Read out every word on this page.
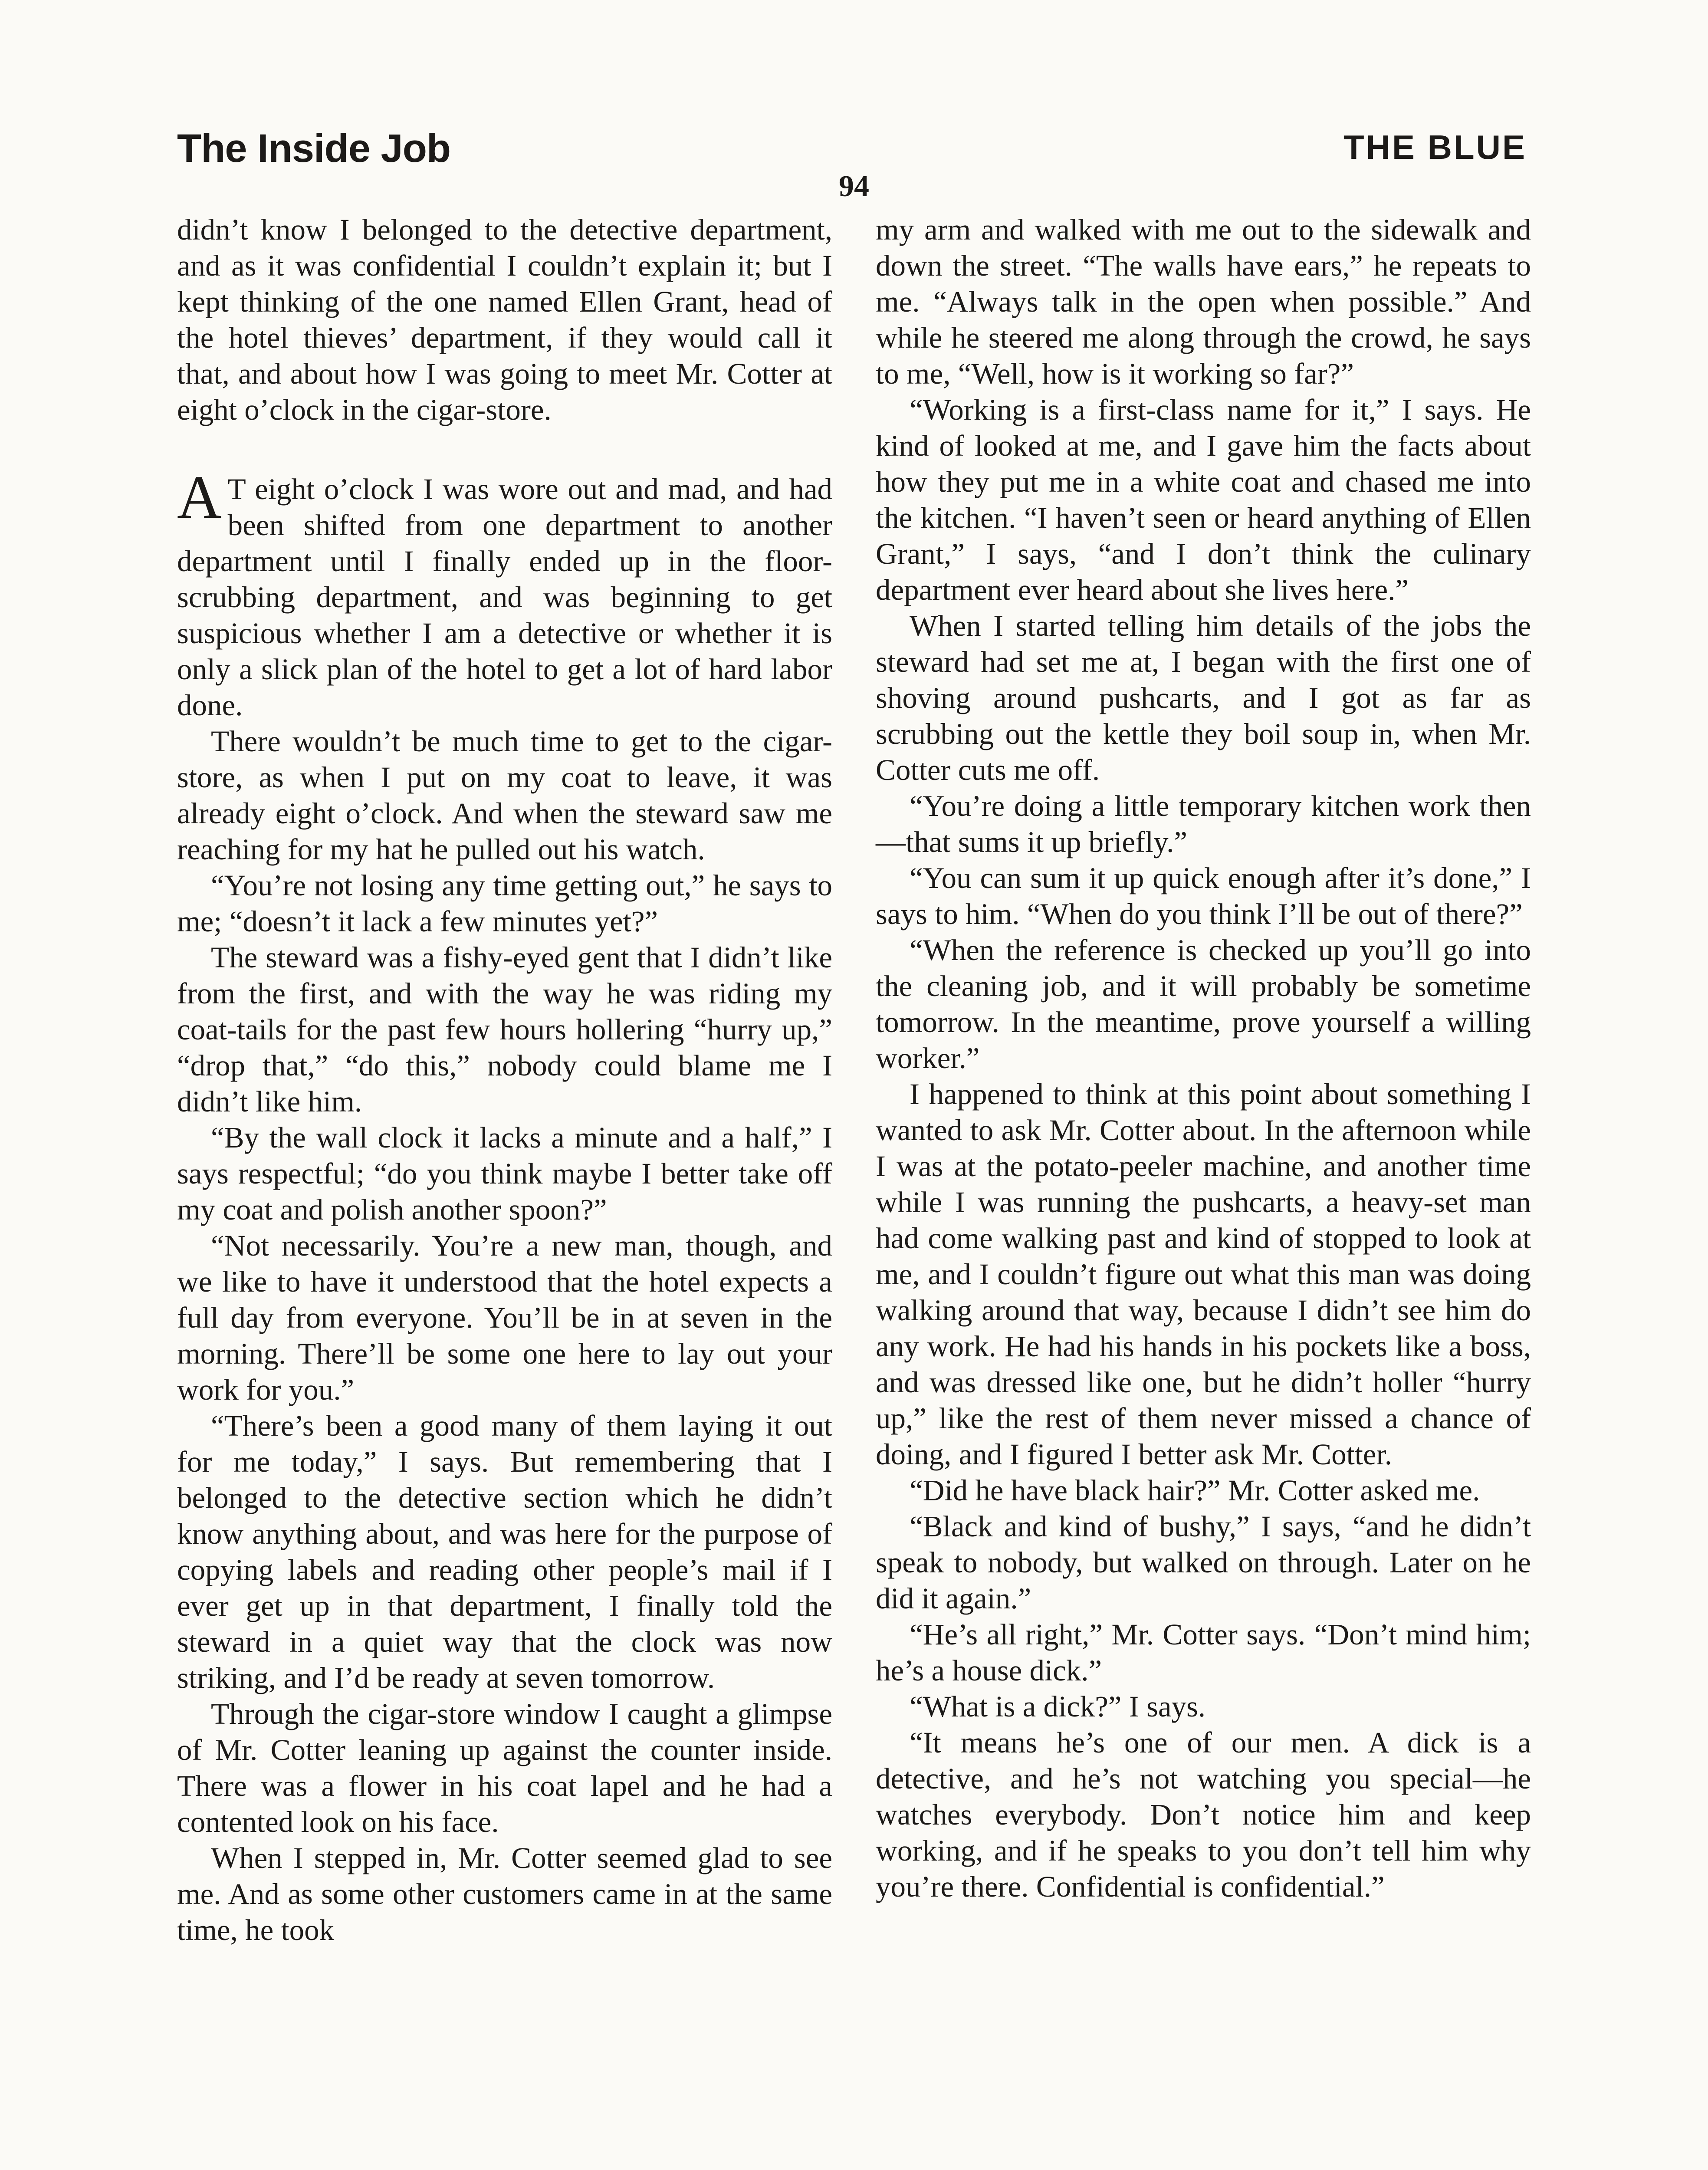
The Inside Job	THE BLUE
94

didn’t know I belonged to the detective department, and as it was confidential I couldn’t explain it; but I kept thinking of the one named Ellen Grant, head of the hotel thieves’ department, if they would call it that, and about how I was going to meet Mr. Cotter at eight o’clock in the cigar-store.

A T eight o’clock I was wore out and mad, and had been shifted from one department to another department until I finally ended up in the floor-scrubbing department, and was beginning to get suspicious whether I am a detective or whether it is only a slick plan of the hotel to get a lot of hard labor done.

There wouldn’t be much time to get to the cigar-store, as when I put on my coat to leave, it was already eight o’clock. And when the steward saw me reaching for my hat he pulled out his watch.

“You’re not losing any time getting out,” he says to me; “doesn’t it lack a few minutes yet?”

The steward was a fishy-eyed gent that I didn’t like from the first, and with the way he was riding my coat-tails for the past few hours hollering “hurry up,” “drop that,” “do this,” nobody could blame me I didn’t like him.

“By the wall clock it lacks a minute and a half,” I says respectful; “do you think maybe I better take off my coat and polish another spoon?”

“Not necessarily. You’re a new man, though, and we like to have it understood that the hotel expects a full day from everyone. You’ll be in at seven in the morning. There’ll be some one here to lay out your work for you.”

“There’s been a good many of them laying it out for me today,” I says. But remembering that I belonged to the detective section which he didn’t know anything about, and was here for the purpose of copying labels and reading other people’s mail if I ever get up in that department, I finally told the steward in a quiet way that the clock was now striking, and I’d be ready at seven tomorrow.

Through the cigar-store window I caught a glimpse of Mr. Cotter leaning up against the counter inside. There was a flower in his coat lapel and he had a contented look on his face.

When I stepped in, Mr. Cotter seemed glad to see me. And as some other customers came in at the same time, he took

my arm and walked with me out to the sidewalk and down the street. “The walls have ears,” he repeats to me. “Always talk in the open when possible.” And while he steered me along through the crowd, he says to me, “Well, how is it working so far?”

“Working is a first-class name for it,” I says. He kind of looked at me, and I gave him the facts about how they put me in a white coat and chased me into the kitchen. “I haven’t seen or heard anything of Ellen Grant,” I says, “and I don’t think the culinary department ever heard about she lives here.”

When I started telling him details of the jobs the steward had set me at, I began with the first one of shoving around pushcarts, and I got as far as scrubbing out the kettle they boil soup in, when Mr. Cotter cuts me off.

“You’re doing a little temporary kitchen work then—that sums it up briefly.”

“You can sum it up quick enough after it’s done,” I says to him. “When do you think I’ll be out of there?”

“When the reference is checked up you’ll go into the cleaning job, and it will probably be sometime tomorrow. In the meantime, prove yourself a willing worker.”

I happened to think at this point about something I wanted to ask Mr. Cotter about. In the afternoon while I was at the potato-peeler machine, and another time while I was running the pushcarts, a heavy-set man had come walking past and kind of stopped to look at me, and I couldn’t figure out what this man was doing walking around that way, because I didn’t see him do any work. He had his hands in his pockets like a boss, and was dressed like one, but he didn’t holler “hurry up,” like the rest of them never missed a chance of doing, and I figured I better ask Mr. Cotter.

“Did he have black hair?” Mr. Cotter asked me.

“Black and kind of bushy,” I says, “and he didn’t speak to nobody, but walked on through. Later on he did it again.”

“He’s all right,” Mr. Cotter says. “Don’t mind him; he’s a house dick.”

“What is a dick?” I says.

“It means he’s one of our men. A dick is a detective, and he’s not watching you special—he watches everybody. Don’t notice him and keep working, and if he speaks to you don’t tell him why you’re there. Confidential is confidential.”
